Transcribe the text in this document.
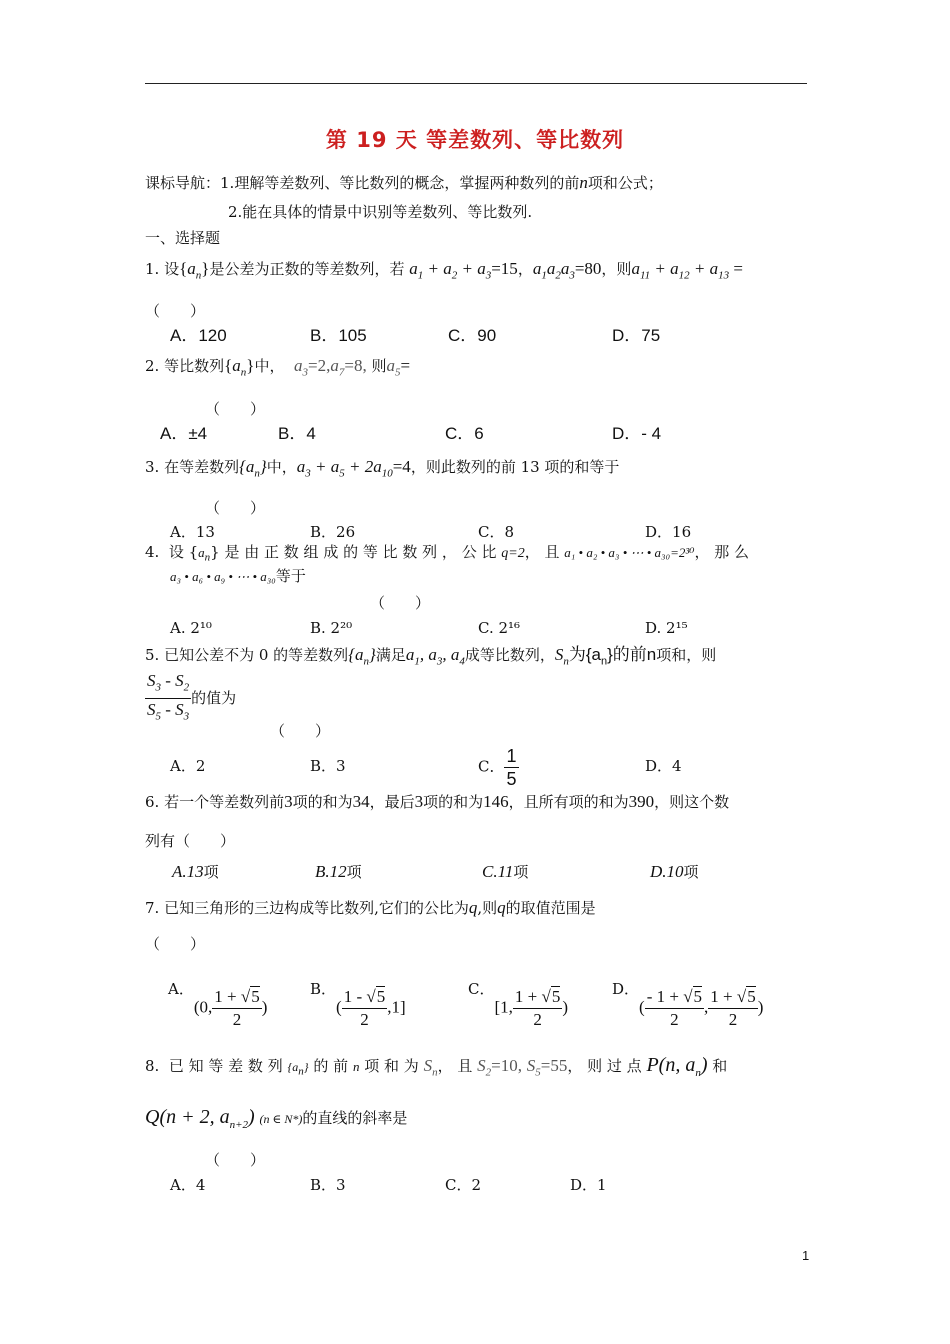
第 19 天 等差数列、等比数列
课标导航：1.理解等差数列、等比数列的概念，掌握两种数列的前n项和公式；
2.能在具体的情景中识别等差数列、等比数列.
一、选择题
1. 设$\{a_n\}$是公差为正数的等差数列，若 $a_1 + a_2 + a_3=15$，$a_1a_2a_3=80$，则$a_{11} + a_{12} + a_{13}$ =
（　　）
A．120	B．105	C．90	D．75
2. 等比数列$\{a_n\}$中， $a_3=2,a_7=8$, 则$a_5=$
（　　）
A．±4	B．4	C．6	D．- 4
3. 在等差数列$\{a_n\}$中，$a_3 + a_5 + 2a_{10}=4$，则此数列的前 13 项的和等于
（　　）
A．13	B．26	C．8	D．16
4. 设 $\{a_n\}$ 是 由 正 数 组 成 的 等 比 数 列 ， 公 比 q=2， 且 a₁ • a₂ • a₃ • ⋯ • a₃₀=2³⁰， 那 么
a₃ • a₆ • a₉ • ⋯ • a₃₀等于
（　　）
A. 2¹⁰	B. 2²⁰	C. 2¹⁶	D. 2¹⁵
5. 已知公差不为 0 的等差数列$\{a_n\}$满足$a_1$, $a_3$, $a_4$成等比数列，$S_n$为$\{a_n\}$的前n项和，则
$\frac{S_3 - S_2}{S_5 - S_3}$ 的值为
（　　）
A．2	B．3	C． $\frac{1}{5}$	D．4
6. 若一个等差数列前3项的和为34，最后3项的和为146，且所有项的和为390，则这个数
列有（　　）
A.13项	B.12项	C.11项	D.10项
7. 已知三角形的三边构成等比数列,它们的公比为q,则q的取值范围是
（　　）
A．(0, $\frac{1 + √5}{2}$ )
B．( $\frac{1 - √5}{2} ,1$]
C．[1, $\frac{1 + √5}{2}$ )
D．( $\frac{- 1 + √5}{2}$ , $\frac{1 + √5}{2}$ )
8. 已 知 等 差 数 列 $\{a_n\}$ 的 前 n 项 和 为 $S_n$， 且 $S_2=10$, $S_5=55$， 则 过 点 P(n, $a_n$) 和
Q(n + 2, $a_{n+2}$) (n ∈ N*)的直线的斜率是
（　　）
A．4	B．3	C．2	D．1
1
